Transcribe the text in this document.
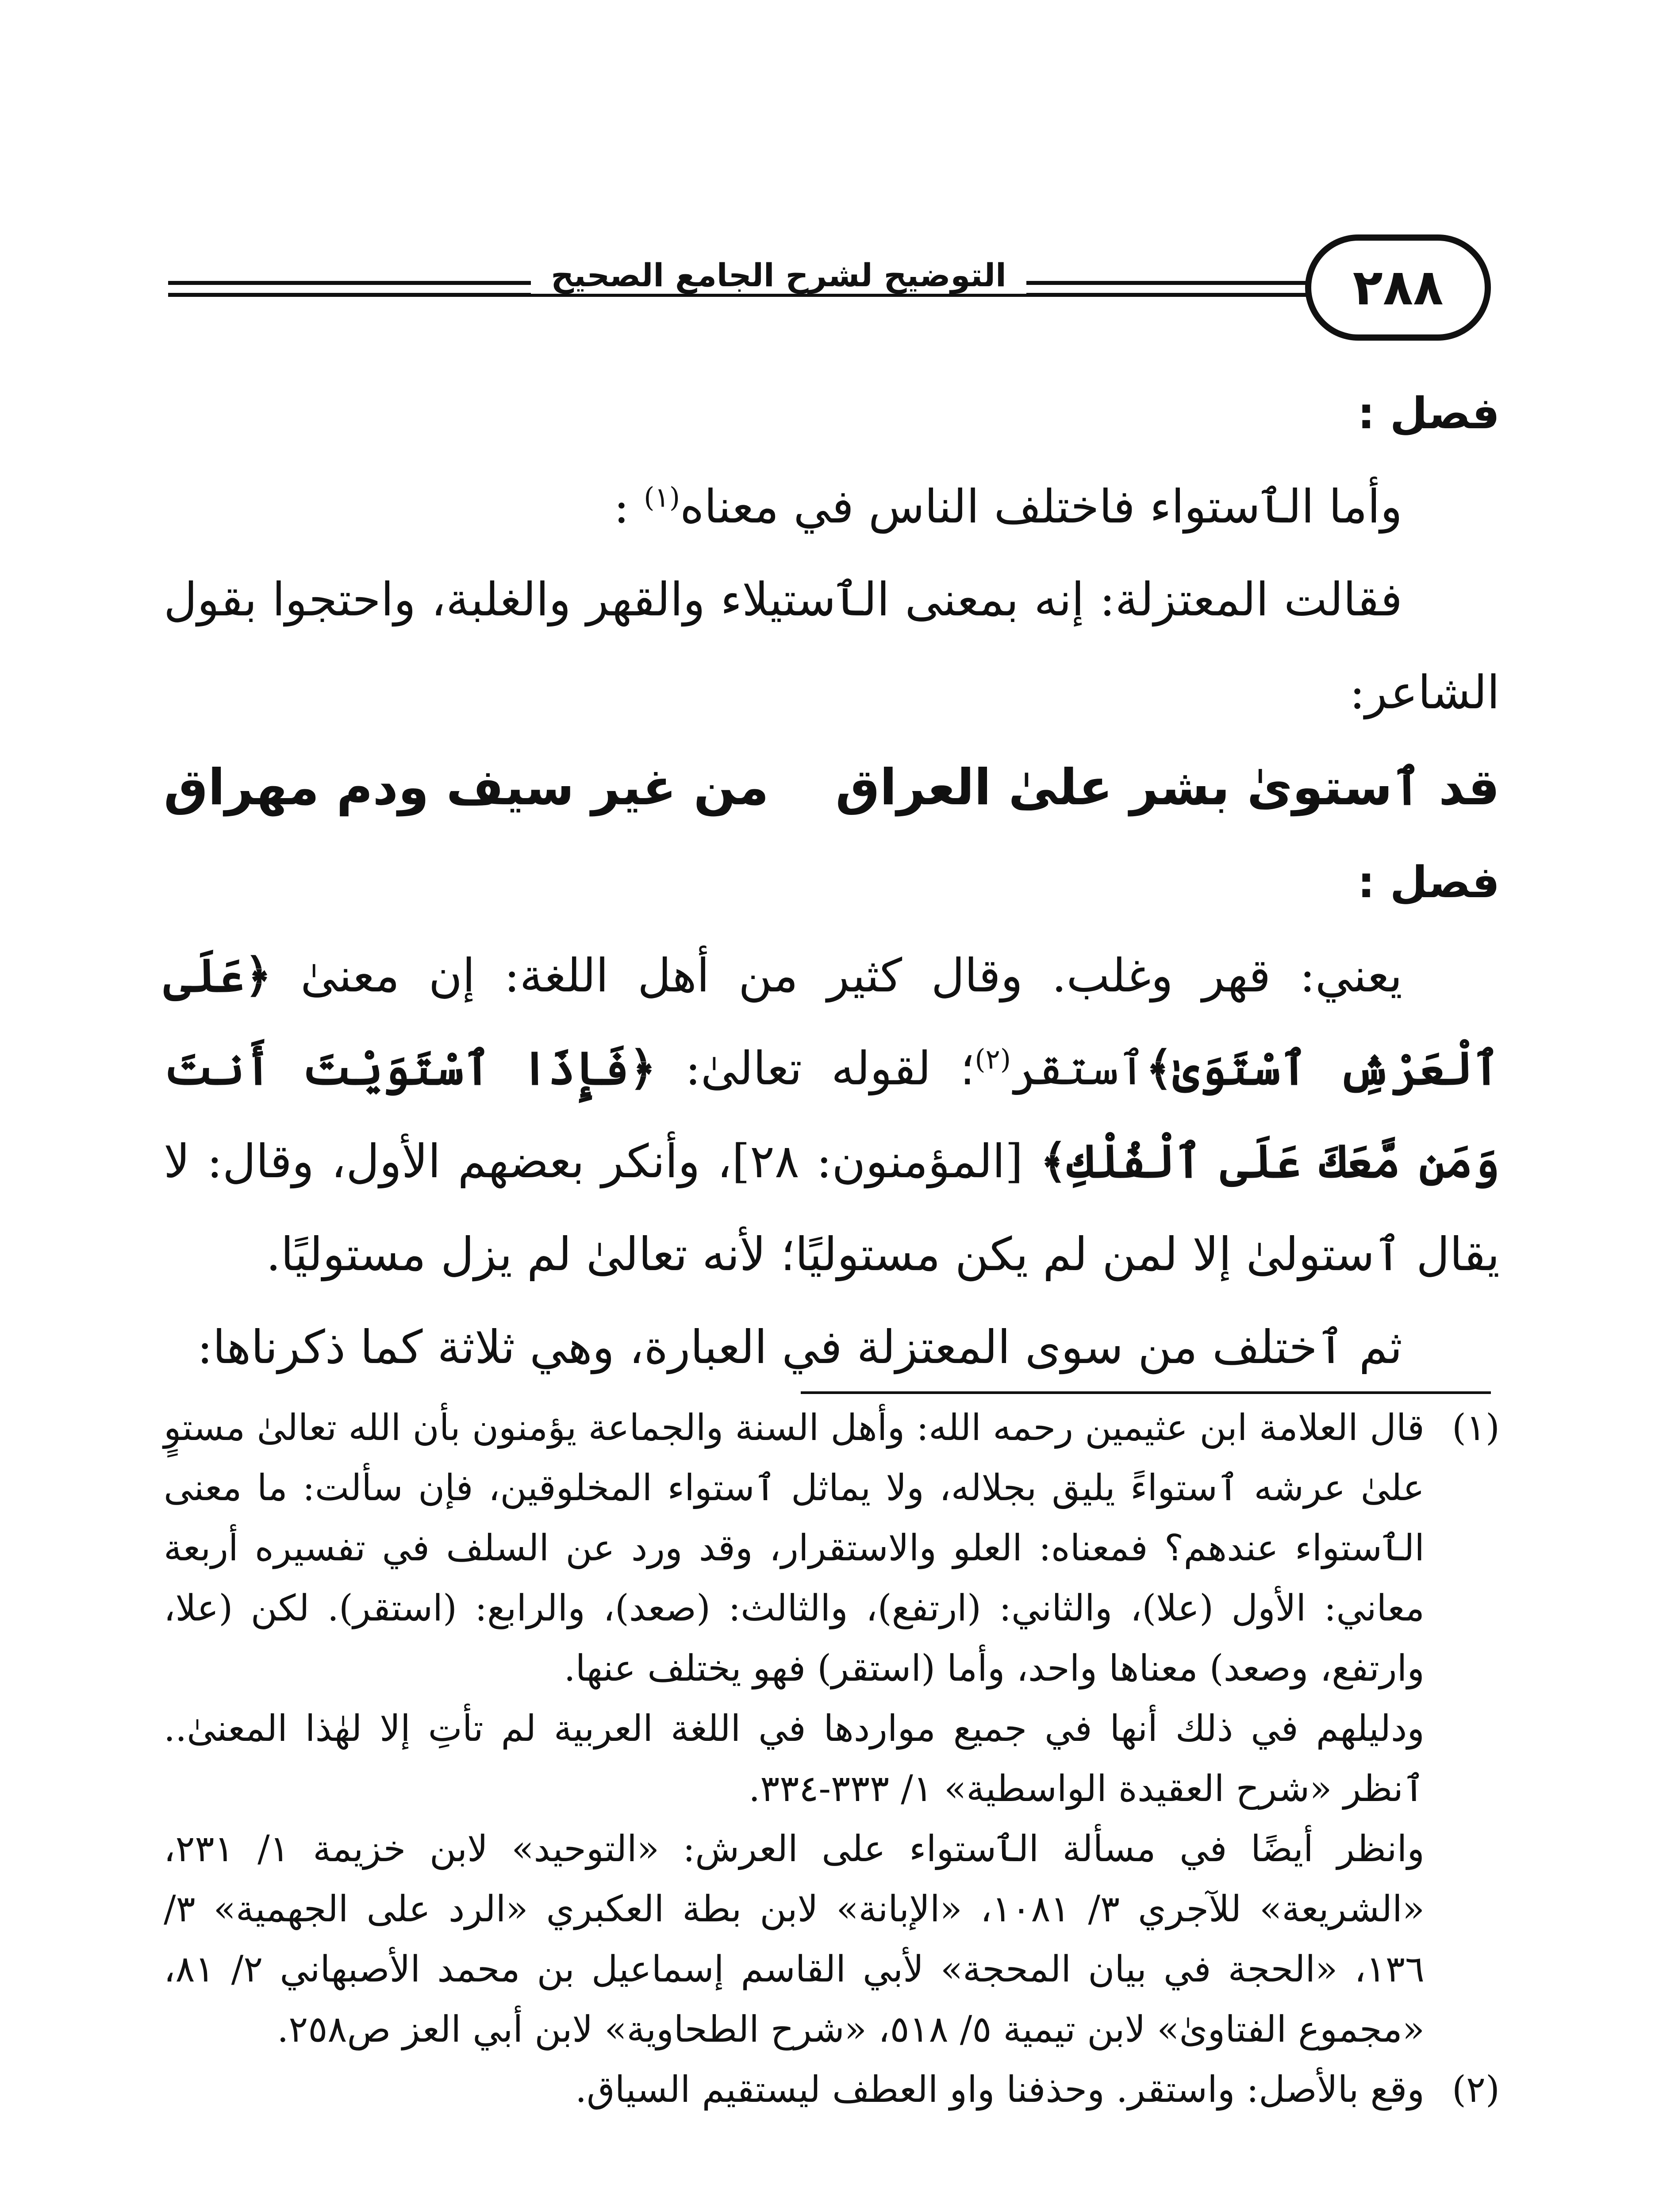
التوضيح لشرح الجامع الصحيح	٢٨٨

فصل :

وأما الٱستواء فاختلف الناس في معناه$^{(١)}$ :

فقالت المعتزلة: إنه بمعنى الٱستيلاء والقهر والغلبة، واحتجوا بقول الشاعر:

قد ٱستوىٰ بشر علىٰ العراق
من غير سيف ودم مهراق

فصل :

يعني: قهر وغلب. وقال كثير من أهل اللغة: إن معنىٰ ﴿عَلَى ٱلْعَرْشِ ٱسْتَوَىٰ﴾ٱستقر$^{(٢)}$؛ لقوله تعالىٰ: ﴿فَإِذَا ٱسْتَوَيْتَ أَنتَ وَمَن مَّعَكَ عَلَى ٱلْفُلْكِ﴾ [المؤمنون: ٢٨]، وأنكر بعضهم الأول، وقال: لا يقال ٱستولىٰ إلا لمن لم يكن مستوليًا؛ لأنه تعالىٰ لم يزل مستوليًا.

ثم ٱختلف من سوى المعتزلة في العبارة، وهي ثلاثة كما ذكرناها:

(١)
قال العلامة ابن عثيمين رحمه الله: وأهل السنة والجماعة يؤمنون بأن الله تعالىٰ مستوٍ علىٰ عرشه ٱستواءً يليق بجلاله، ولا يماثل ٱستواء المخلوقين، فإن سألت: ما معنى الٱستواء عندهم؟ فمعناه: العلو والاستقرار، وقد ورد عن السلف في تفسيره أربعة معاني: الأول (علا)، والثاني: (ارتفع)، والثالث: (صعد)، والرابع: (استقر). لكن (علا، وارتفع، وصعد) معناها واحد، وأما (استقر) فهو يختلف عنها.

ودليلهم في ذلك أنها في جميع مواردها في اللغة العربية لم تأتِ إلا لهٰذا المعنىٰ.. ٱنظر «شرح العقيدة الواسطية» ١/ ٣٣٣-٣٣٤.

وانظر أيضًا في مسألة الٱستواء على العرش: «التوحيد» لابن خزيمة ١/ ٢٣١، «الشريعة» للآجري ٣/ ١٠٨١، «الإبانة» لابن بطة العكبري «الرد على الجهمية» ٣/ ١٣٦، «الحجة في بيان المحجة» لأبي القاسم إسماعيل بن محمد الأصبهاني ٢/ ٨١، «مجموع الفتاوىٰ» لابن تيمية ٥/ ٥١٨، «شرح الطحاوية» لابن أبي العز ص٢٥٨.

(٢)
وقع بالأصل: واستقر. وحذفنا واو العطف ليستقيم السياق.
